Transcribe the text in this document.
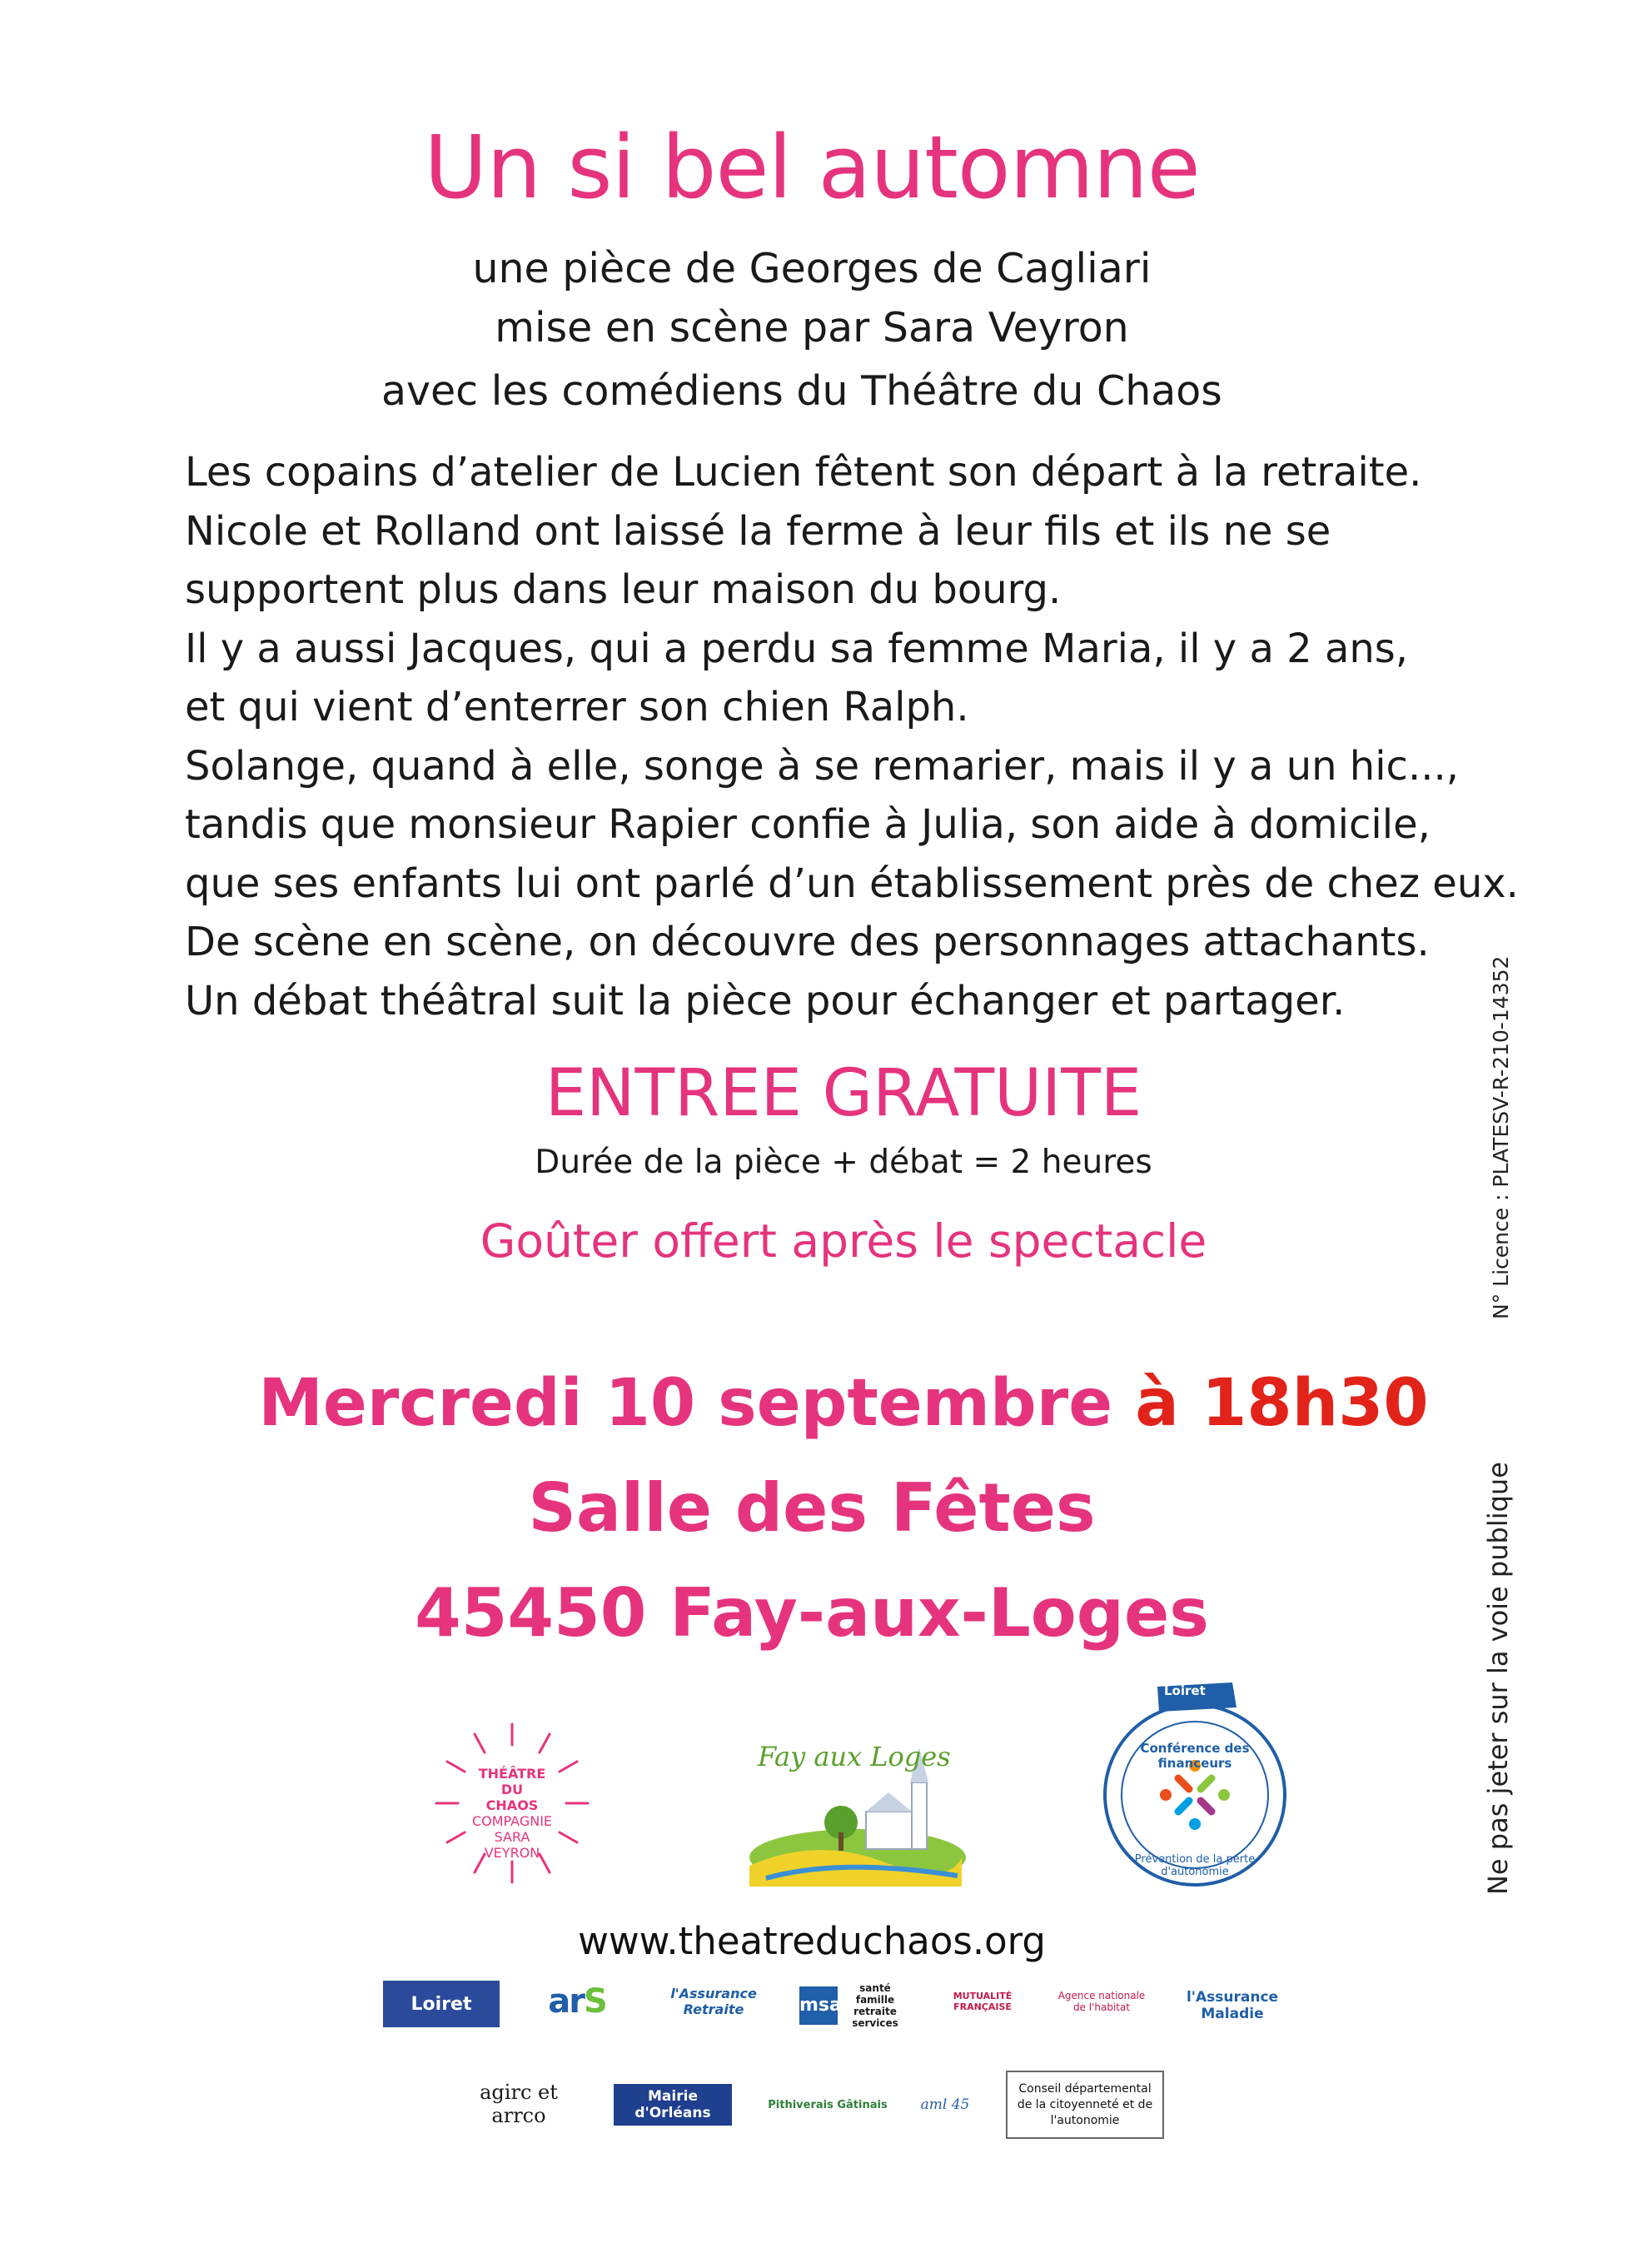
Un si bel automne
une pièce de Georges de Cagliari
mise en scène par Sara Veyron
avec les comédiens du Théâtre du Chaos
Les copains d’atelier de Lucien fêtent son départ à la retraite.
Nicole et Rolland ont laissé la ferme à leur fils et ils ne se
supportent plus dans leur maison du bourg.
Il y a aussi Jacques, qui a perdu sa femme Maria, il y a 2 ans,
et qui vient d’enterrer son chien Ralph.
Solange, quand à elle, songe à se remarier, mais il y a un hic...,
tandis que monsieur Rapier confie à Julia, son aide à domicile,
que ses enfants lui ont parlé d’un établissement près de chez eux.
De scène en scène, on découvre des personnages attachants.
Un débat théâtral suit la pièce pour échanger et partager.
ENTREE GRATUITE
Durée de la pièce + débat = 2 heures
Goûter offert après le spectacle
Mercredi 10 septembre à 18h30
Salle des Fêtes
45450 Fay-aux-Loges
N° Licence : PLATESV-R-210-14352
Ne pas jeter sur la voie publique
THÉÂTRE
DU
CHAOS
COMPAGNIE
SARA
VEYRON
Fay aux Loges
Loiret
Conférence des financeurs
Prévention de la perte d'autonomie
www.theatreduchaos.org
Loiret ar S	l'Assurance Retraite	msa
santé famille retraite services
MUTUALITÉ FRANÇAISE
Agence nationale de l'habitat
l'Assurance Maladie
agirc et arrco
Mairie d'Orléans	Pithiverais Gâtinais aml 45
Conseil départemental de la citoyenneté et de l'autonomie
